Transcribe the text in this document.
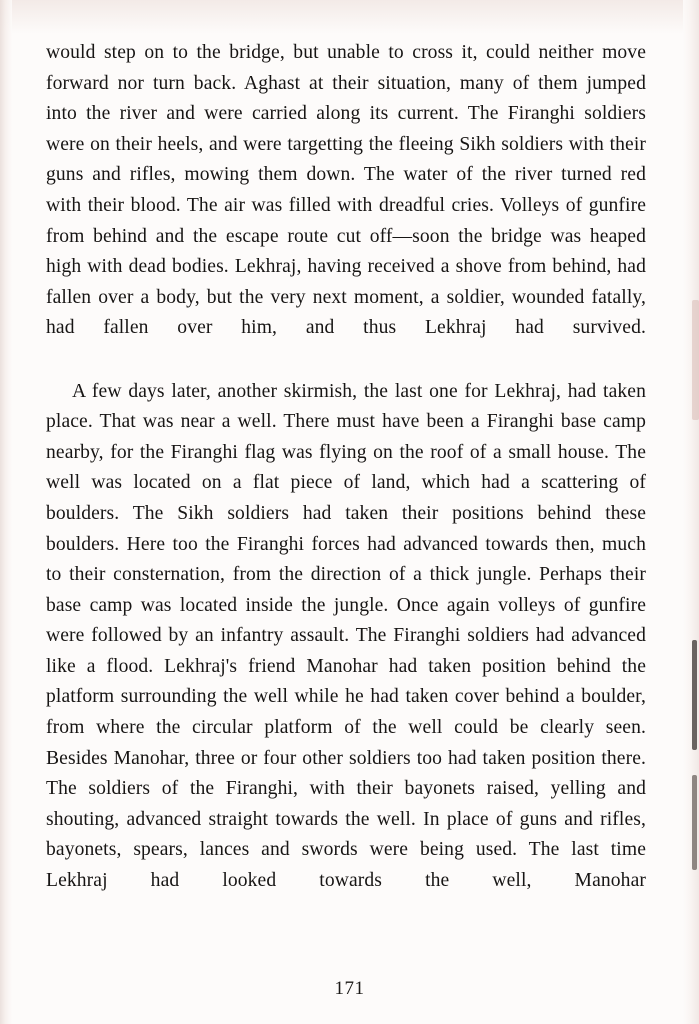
would step on to the bridge, but unable to cross it, could neither move forward nor turn back. Aghast at their situation, many of them jumped into the river and were carried along its current. The Firanghi soldiers were on their heels, and were targetting the fleeing Sikh soldiers with their guns and rifles, mowing them down. The water of the river turned red with their blood. The air was filled with dreadful cries. Volleys of gunfire from behind and the escape route cut off—soon the bridge was heaped high with dead bodies. Lekhraj, having received a shove from behind, had fallen over a body, but the very next moment, a soldier, wounded fatally, had fallen over him, and thus Lekhraj had survived.

A few days later, another skirmish, the last one for Lekhraj, had taken place. That was near a well. There must have been a Firanghi base camp nearby, for the Firanghi flag was flying on the roof of a small house. The well was located on a flat piece of land, which had a scattering of boulders. The Sikh soldiers had taken their positions behind these boulders. Here too the Firanghi forces had advanced towards then, much to their consternation, from the direction of a thick jungle. Perhaps their base camp was located inside the jungle. Once again volleys of gunfire were followed by an infantry assault. The Firanghi soldiers had advanced like a flood. Lekhraj's friend Manohar had taken position behind the platform surrounding the well while he had taken cover behind a boulder, from where the circular platform of the well could be clearly seen. Besides Manohar, three or four other soldiers too had taken position there. The soldiers of the Firanghi, with their bayonets raised, yelling and shouting, advanced straight towards the well. In place of guns and rifles, bayonets, spears, lances and swords were being used. The last time Lekhraj had looked towards the well, Manohar

171
